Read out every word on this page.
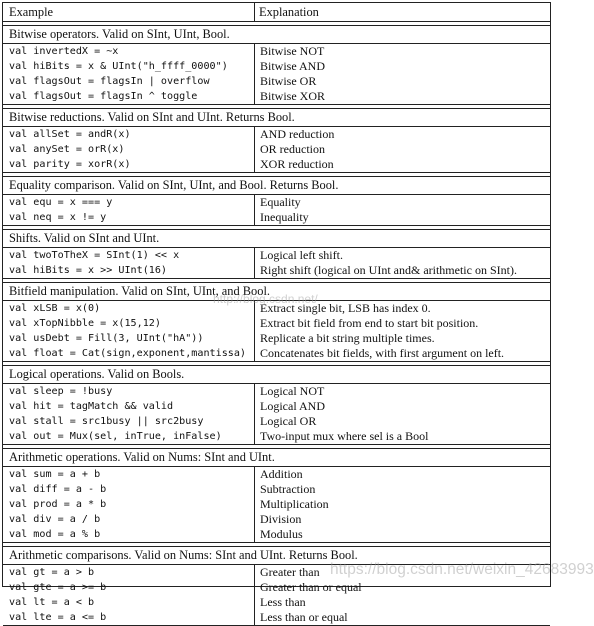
Example	Explanation
Bitwise operators. Valid on SInt, UInt, Bool.
val invertedX = ~x	Bitwise NOT
val hiBits = x & UInt("h_ffff_0000")	Bitwise AND
val flagsOut = flagsIn | overflow	Bitwise OR
val flagsOut = flagsIn ^ toggle	Bitwise XOR
Bitwise reductions. Valid on SInt and UInt. Returns Bool.
val allSet = andR(x)	AND reduction
val anySet = orR(x)	OR reduction
val parity = xorR(x)	XOR reduction
Equality comparison. Valid on SInt, UInt, and Bool. Returns Bool.
val equ = x === y	Equality
val neq = x != y	Inequality
Shifts. Valid on SInt and UInt.
val twoToTheX = SInt(1) << x	Logical left shift.
val hiBits = x >> UInt(16)	Right shift (logical on UInt and& arithmetic on SInt).
Bitfield manipulation. Valid on SInt, UInt, and Bool.
val xLSB = x(0)	Extract single bit, LSB has index 0.
val xTopNibble = x(15,12)	Extract bit field from end to start bit position.
val usDebt = Fill(3, UInt("hA"))	Replicate a bit string multiple times.
val float = Cat(sign,exponent,mantissa)	Concatenates bit fields, with first argument on left.
Logical operations. Valid on Bools.
val sleep = !busy	Logical NOT
val hit = tagMatch && valid	Logical AND
val stall = src1busy || src2busy	Logical OR
val out = Mux(sel, inTrue, inFalse)	Two-input mux where sel is a Bool
Arithmetic operations. Valid on Nums: SInt and UInt.
val sum = a + b	Addition
val diff = a - b	Subtraction
val prod = a * b	Multiplication
val div = a / b	Division
val mod = a % b	Modulus
Arithmetic comparisons. Valid on Nums: SInt and UInt. Returns Bool.
val gt = a > b	Greater than
val gte = a >= b	Greater than or equal
val lt = a < b	Less than
val lte = a <= b	Less than or equal
http://blog.csdn.net/
https://blog.csdn.net/weixin_42683993
